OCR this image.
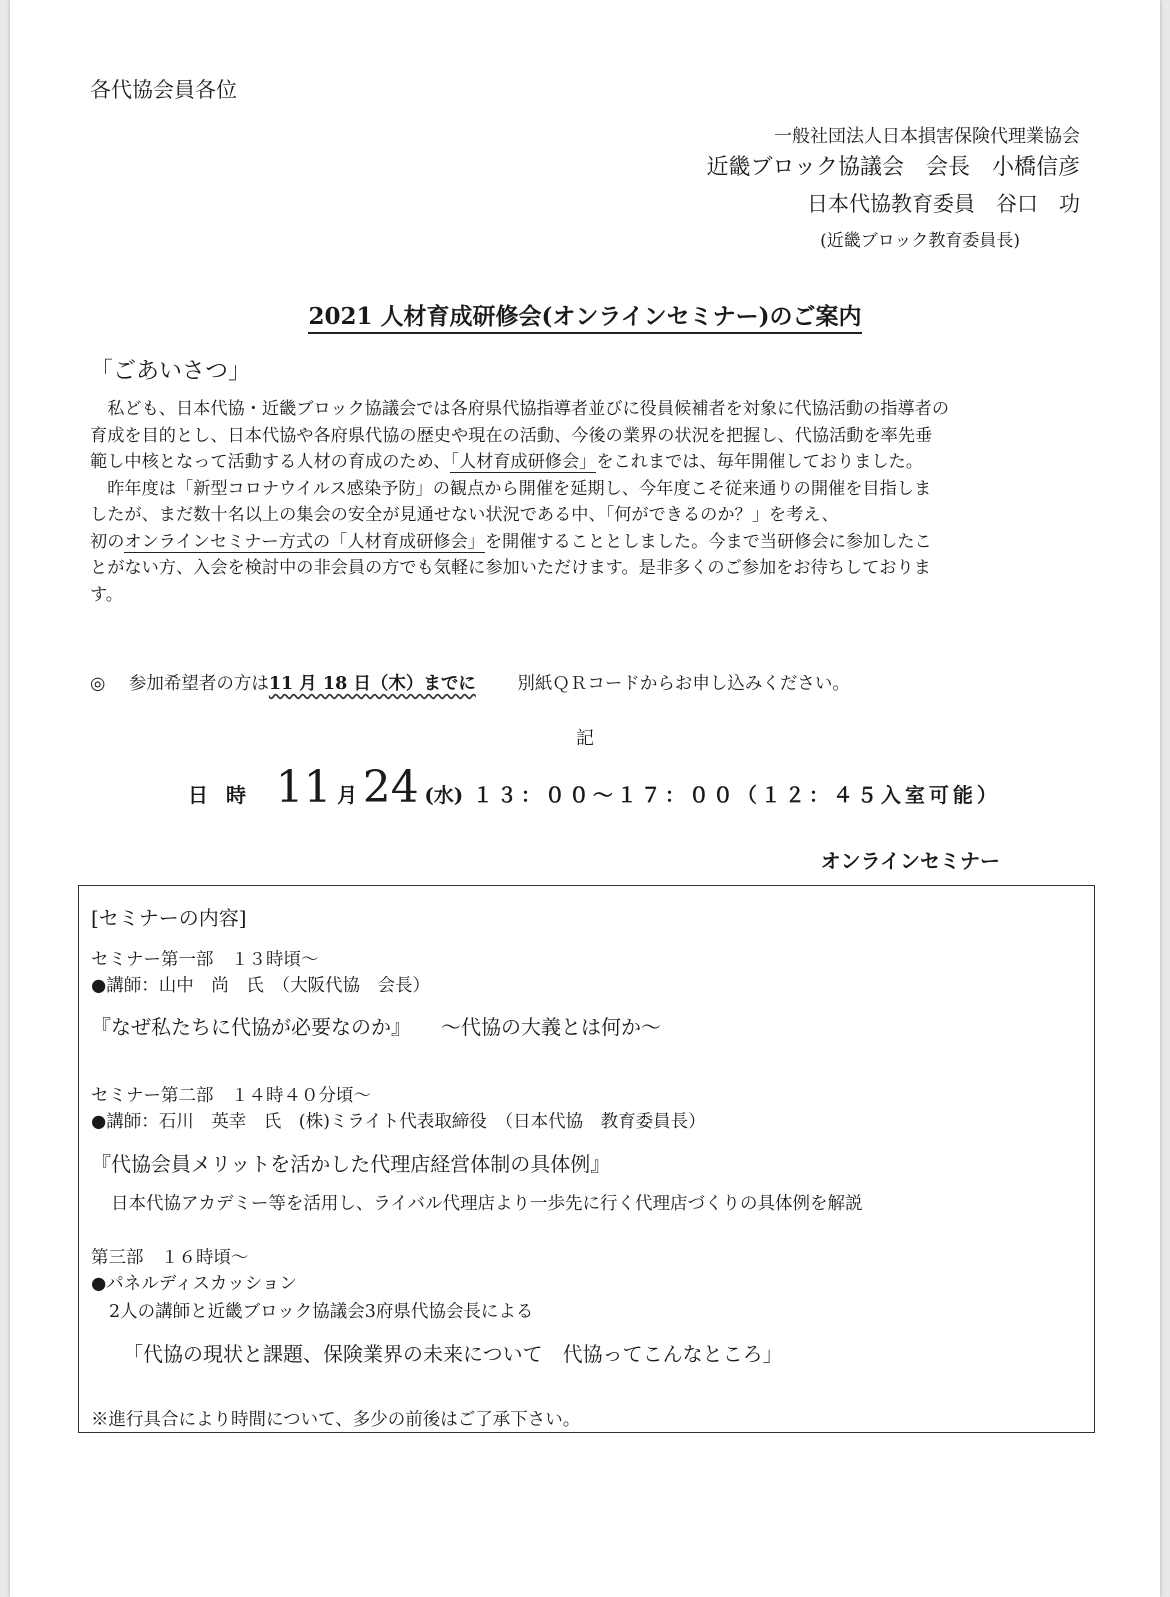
各代協会員各位
一般社団法人日本損害保険代理業協会
近畿ブロック協議会　会長　小橋信彦
日本代協教育委員　谷口　功
(近畿ブロック教育委員長)
2021 人材育成研修会(オンラインセミナー)のご案内
「ごあいさつ」

　私ども、日本代協・近畿ブロック協議会では各府県代協指導者並びに役員候補者を対象に代協活動の指導者の

育成を目的とし、日本代協や各府県代協の歴史や現在の活動、今後の業界の状況を把握し、代協活動を率先垂

範し中核となって活動する人材の育成のため、「人材育成研修会」をこれまでは、毎年開催しておりました。

　昨年度は「新型コロナウイルス感染予防」の観点から開催を延期し、今年度こそ従来通りの開催を目指しま

したが、まだ数十名以上の集会の安全が見通せない状況である中、「何ができるのか？」を考え、

初のオンラインセミナー方式の「人材育成研修会」を開催することとしました。今まで当研修会に参加したこ

とがない方、入会を検討中の非会員の方でも気軽に参加いただけます。是非多くのご参加をお待ちしておりま

す。

◎ 参加希望者の方は11 月 18 日（木）までに 別紙ＱＲコードからお申し込みください。
記
日時 11 月 24 (水) １３：００～１７：００（１２：４５入室可能）
オンラインセミナー
[セミナーの内容]
セミナー第一部　１３時頃～
●講師：山中　尚　氏　（大阪代協　会長）
『なぜ私たちに代協が必要なのか』　　～代協の大義とは何か～
セミナー第二部　１４時４０分頃～
●講師：石川　英幸　氏　(株)ミライト代表取締役　（日本代協　教育委員長）
『代協会員メリットを活かした代理店経営体制の具体例』
日本代協アカデミー等を活用し、ライバル代理店より一歩先に行く代理店づくりの具体例を解説
第三部　１６時頃～
●パネルディスカッション
2人の講師と近畿ブロック協議会3府県代協会長による
「代協の現状と課題、保険業界の未来について　代協ってこんなところ」
※進行具合により時間について、多少の前後はご了承下さい。
